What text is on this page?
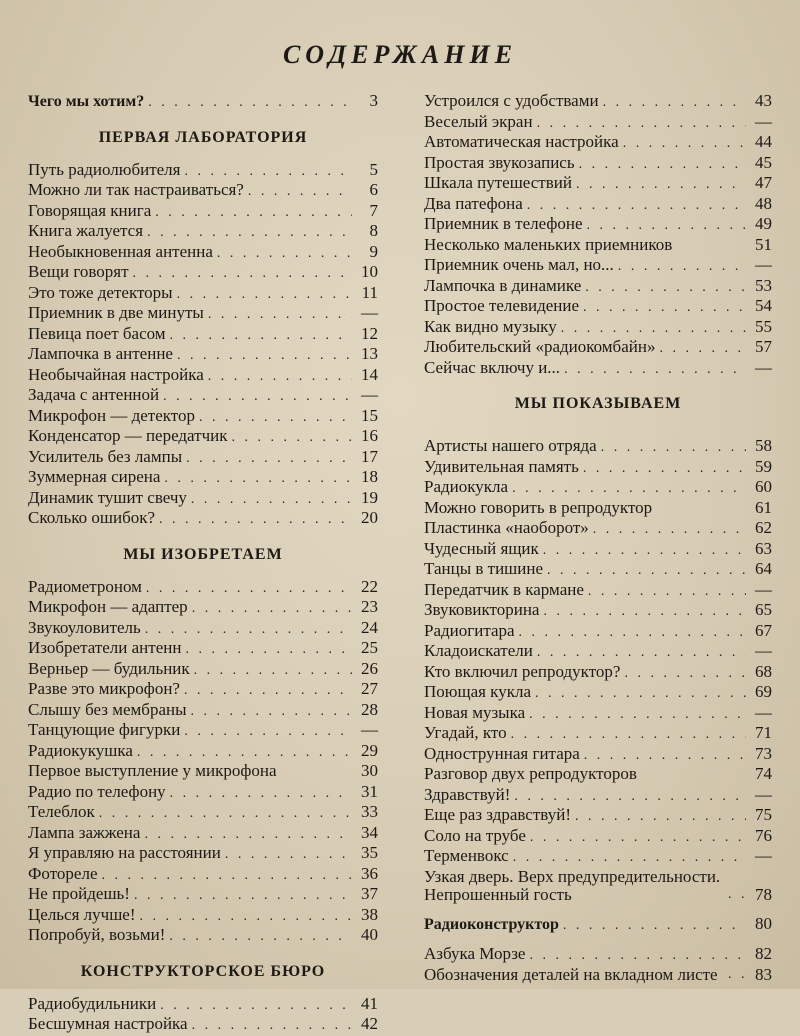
СОДЕРЖАНИЕ
Чего мы хотим? . . .	3
ПЕРВАЯ ЛАБОРАТОРИЯ
Путь радиолюбителя . . .	5
Можно ли так настраиваться? . . .	6
Говорящая книга . . .	7
Книга жалуется . . .	8
Необыкновенная антенна . . .	9
Вещи говорят . . .	10
Это тоже детекторы . . .	11
Приемник в две минуты . . .	—
Певица поет басом . . .	12
Лампочка в антенне . . .	13
Необычайная настройка . . .	14
Задача с антенной . . .	—
Микрофон — детектор . . .	15
Конденсатор — передатчик . . .	16
Усилитель без лампы . . .	17
Зуммерная сирена . . .	18
Динамик тушит свечу . . .	19
Сколько ошибок? . . .	20
МЫ ИЗОБРЕТАЕМ
Радиометроном . . .	22
Микрофон — адаптер . . .	23
Звукоуловитель . . .	24
Изобретатели антенн . . .	25
Верньер — будильник . . .	26
Разве это микрофон? . . .	27
Слышу без мембраны . . .	28
Танцующие фигурки . . .	—
Радиокукушка . . .	29
Первое выступление у микрофона	30
Радио по телефону . . .	31
Телеблок . . .	33
Лампа зажжена . . .	34
Я управляю на расстоянии . . .	35
Фотореле . . .	36
Не пройдешь! . . .	37
Целься лучше! . . .	38
Попробуй, возьми! . . .	40
КОНСТРУКТОРСКОЕ БЮРО
Радиобудильники . . .	41
Бесшумная настройка . . .	42
Устроился с удобствами . . .	43
Веселый экран . . .	—
Автоматическая настройка . . .	44
Простая звукозапись . . .	45
Шкала путешествий . . .	47
Два патефона . . .	48
Приемник в телефоне . . .	49
Несколько маленьких приемников	51
Приемник очень мал, но... . . .	—
Лампочка в динамике . . .	53
Простое телевидение . . .	54
Как видно музыку . . .	55
Любительский «радиокомбайн» . . .	57
Сейчас включу и... . . .	—
МЫ ПОКАЗЫВАЕМ
Артисты нашего отряда . . .	58
Удивительная память . . .	59
Радиокукла . . .	60
Можно говорить в репродуктор	61
Пластинка «наоборот» . . .	62
Чудесный ящик . . .	63
Танцы в тишине . . .	64
Передатчик в кармане . . .	—
Звуковикторина . . .	65
Радиогитара . . .	67
Кладоискатели . . .	—
Кто включил репродуктор? . . .	68
Поющая кукла . . .	69
Новая музыка . . .	—
Угадай, кто . . .	71
Однострунная гитара . . .	73
Разговор двух репродукторов	74
Здравствуй! . . .	—
Еще раз здравствуй! . . .	75
Соло на трубе . . .	76
Терменвокс . . .	—
Узкая дверь. Верх предупредительности. Непрошенный гость . . .	78
Радиоконструктор . . .	80
Азбука Морзе . . .	82
Обозначения деталей на вкладном листе . . .	83
